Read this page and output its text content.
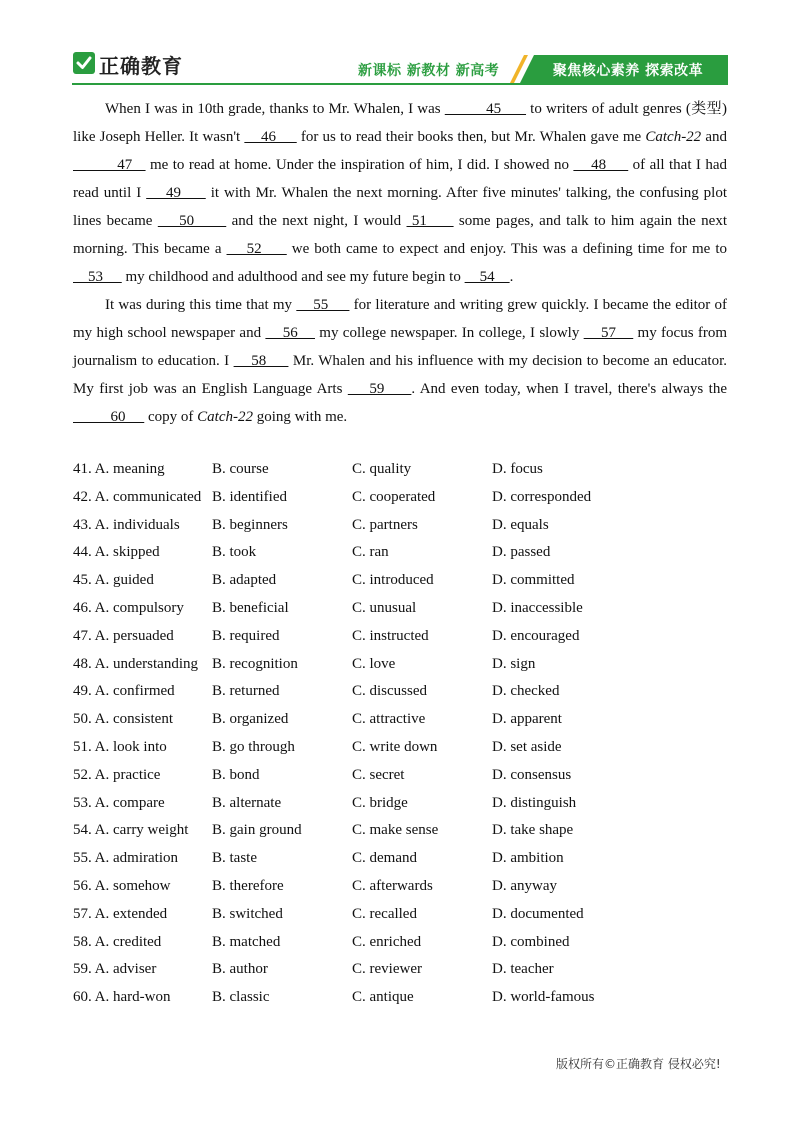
正确教育	新课标 新教材 新高考	聚焦核心素养 探索改革

When I was in 10th grade, thanks to Mr. Whalen, I was           45       to writers of adult genres (类型) like Joseph Heller. It wasn't     46      for us to read their books then, but Mr. Whalen gave me Catch-22 and           47    me to read at home. Under the inspiration of him, I did. I showed no     48      of all that I had read until I     49      it with Mr. Whalen the next morning. After five minutes' talking, the confusing plot lines became     50       and the next night, I would  51      some pages, and talk to him again the next morning. This became a     52      we both came to expect and enjoy. This was a defining time for me to     53      my childhood and adulthood and see my future begin to     54    .

It was during this time that my     55      for literature and writing grew quickly. I became the editor of my high school newspaper and     56     my college newspaper. In college, I slowly     57     my focus from journalism to education. I     58      Mr. Whalen and his influence with my decision to become an educator. My first job was an English Language Arts     59     . And even today, when I travel, there's always the           60      copy of Catch-22 going with me.

41. A. meaning	B. course	C. quality	D. focus
42. A. communicated B. identified	C. cooperated	D. corresponded
43. A. individuals B. beginners	C. partners	D. equals
44. A. skipped	B. took	C. ran	D. passed
45. A. guided	B. adapted	C. introduced	D. committed
46. A. compulsory B. beneficial	C. unusual	D. inaccessible
47. A. persuaded	B. required	C. instructed	D. encouraged
48. A. understanding B. recognition	C. love	D. sign
49. A. confirmed B. returned	C. discussed	D. checked
50. A. consistent	B. organized	C. attractive	D. apparent
51. A. look into	B. go through	C. write down	D. set aside
52. A. practice	B. bond	C. secret	D. consensus
53. A. compare	B. alternate	C. bridge	D. distinguish
54. A. carry weight B. gain ground	C. make sense	D. take shape
55. A. admiration B. taste	C. demand	D. ambition
56. A. somehow	B. therefore	C. afterwards	D. anyway
57. A. extended	B. switched	C. recalled	D. documented
58. A. credited	B. matched	C. enriched	D. combined
59. A. adviser	B. author	C. reviewer	D. teacher
60. A. hard-won	B. classic	C. antique	D. world-famous
版权所有©正确教育 侵权必究!
